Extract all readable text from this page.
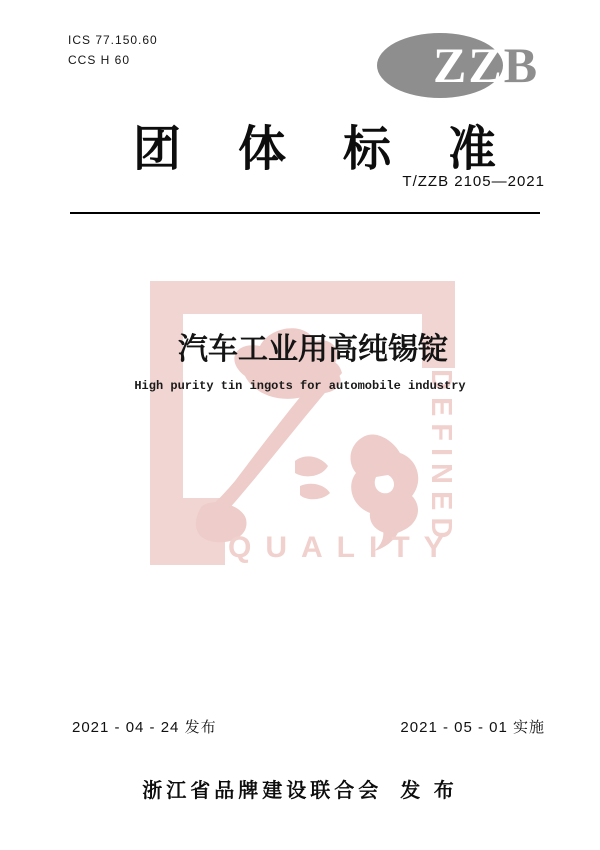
ICS 77.150.60
CCS H 60	ZZB
团体标准
T/ZZB 2105—2021
DEFINED
QUALITY
汽车工业用高纯锡锭
High purity tin ingots for automobile industry
2021 - 04 - 24 发布	2021 - 05 - 01 实施
浙江省品牌建设联合会 发 布
